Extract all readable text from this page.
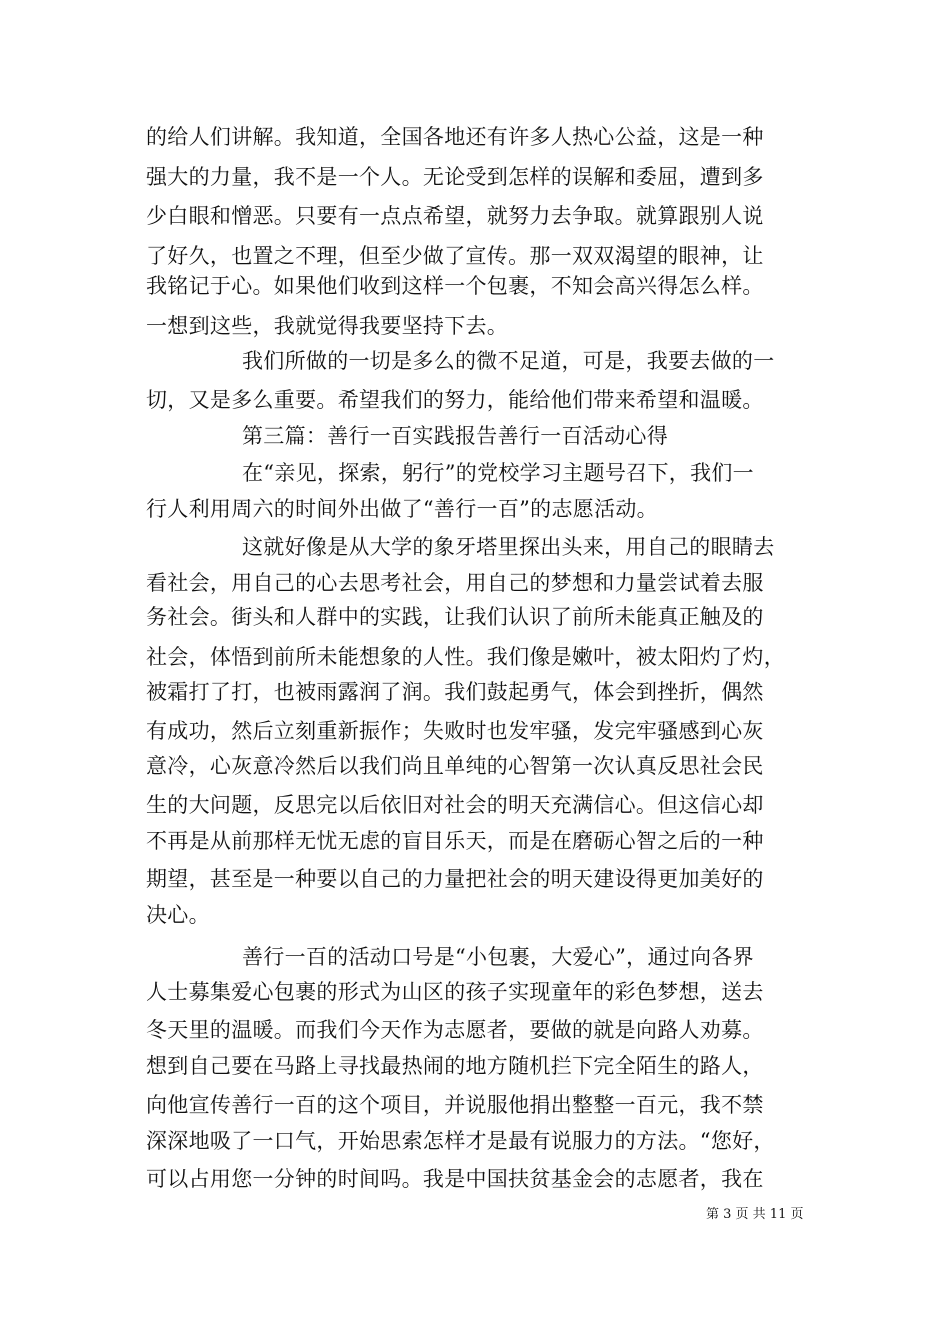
的给人们讲解。我知道，全国各地还有许多人热心公益，这是一种
强大的力量，我不是一个人。无论受到怎样的误解和委屈，遭到多
少白眼和憎恶。只要有一点点希望，就努力去争取。就算跟别人说
了好久，也置之不理，但至少做了宣传。那一双双渴望的眼神，让
我铭记于心。如果他们收到这样一个包裹，不知会高兴得怎么样。
一想到这些，我就觉得我要坚持下去。
我们所做的一切是多么的微不足道，可是，我要去做的一
切，又是多么重要。希望我们的努力，能给他们带来希望和温暖。
第三篇：善行一百实践报告善行一百活动心得
在“亲见，探索，躬行”的党校学习主题号召下，我们一
行人利用周六的时间外出做了“善行一百”的志愿活动。
这就好像是从大学的象牙塔里探出头来，用自己的眼睛去
看社会，用自己的心去思考社会，用自己的梦想和力量尝试着去服
务社会。街头和人群中的实践，让我们认识了前所未能真正触及的
社会，体悟到前所未能想象的人性。我们像是嫩叶，被太阳灼了灼，
被霜打了打，也被雨露润了润。我们鼓起勇气，体会到挫折，偶然
有成功，然后立刻重新振作；失败时也发牢骚，发完牢骚感到心灰
意冷，心灰意冷然后以我们尚且单纯的心智第一次认真反思社会民
生的大问题，反思完以后依旧对社会的明天充满信心。但这信心却
不再是从前那样无忧无虑的盲目乐天，而是在磨砺心智之后的一种
期望，甚至是一种要以自己的力量把社会的明天建设得更加美好的
决心。
善行一百的活动口号是“小包裹，大爱心”，通过向各界
人士募集爱心包裹的形式为山区的孩子实现童年的彩色梦想，送去
冬天里的温暖。而我们今天作为志愿者，要做的就是向路人劝募。
想到自己要在马路上寻找最热闹的地方随机拦下完全陌生的路人，
向他宣传善行一百的这个项目，并说服他捐出整整一百元，我不禁
深深地吸了一口气，开始思索怎样才是最有说服力的方法。“您好，
可以占用您一分钟的时间吗。我是中国扶贫基金会的志愿者，我在
第 3 页 共 11 页
